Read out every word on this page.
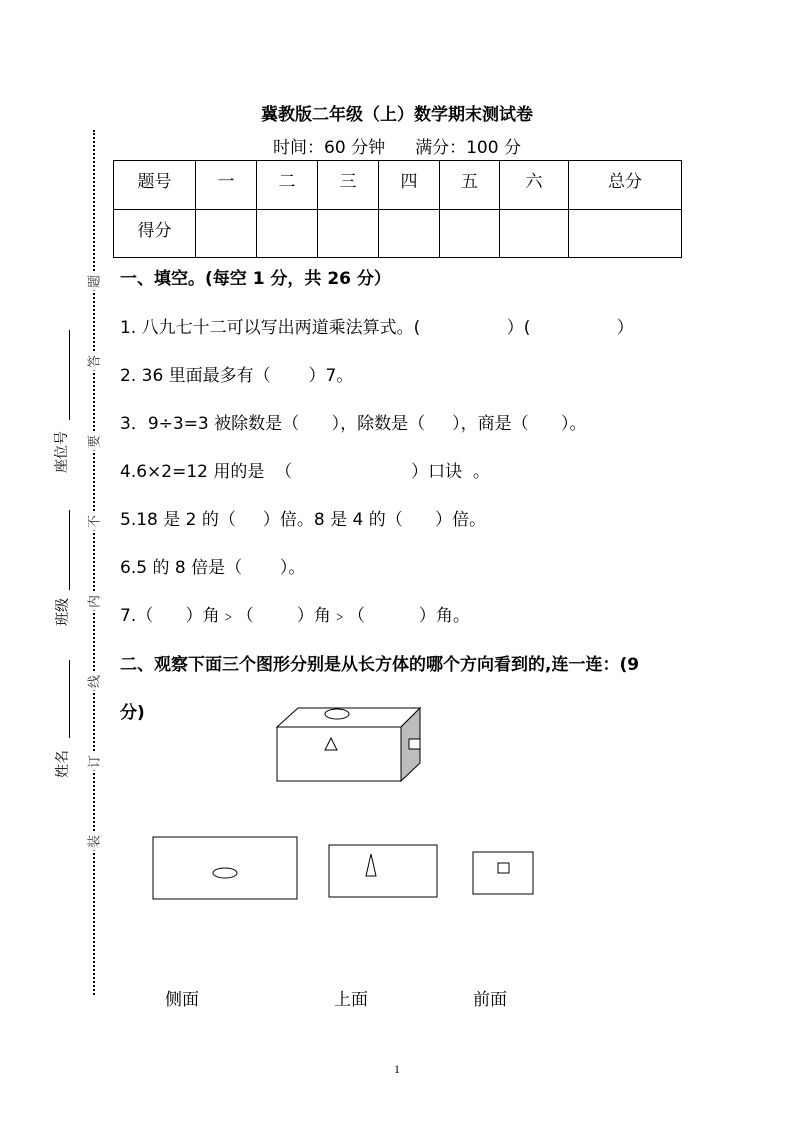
题
答
要
不
内
线
订
装
座位号
班级
姓名
冀教版二年级（上）数学期末测试卷
时间：60 分钟 满分：100 分
题号	一	二	三	四	五	六	总分
得分							
一、填空。(每空 1 分，共 26 分）
1. 八九七十二可以写出两道乘法算式。(                ）(                ）
2. 36 里面最多有（       ）7。
3．9÷3=3 被除数是（      ），除数是（     ），商是（      ）。
4.6×2=12 用的是  （                      ）口诀  。
5.18 是 2 的（     ）倍。8 是 4 的（      ）倍。
6.5 的 8 倍是（       ）。
7.（      ）角﹥（        ）角﹥（          ）角。
二、观察下面三个图形分别是从长方体的哪个方向看到的,连一连：(9
分)
侧面	上面	前面
1
